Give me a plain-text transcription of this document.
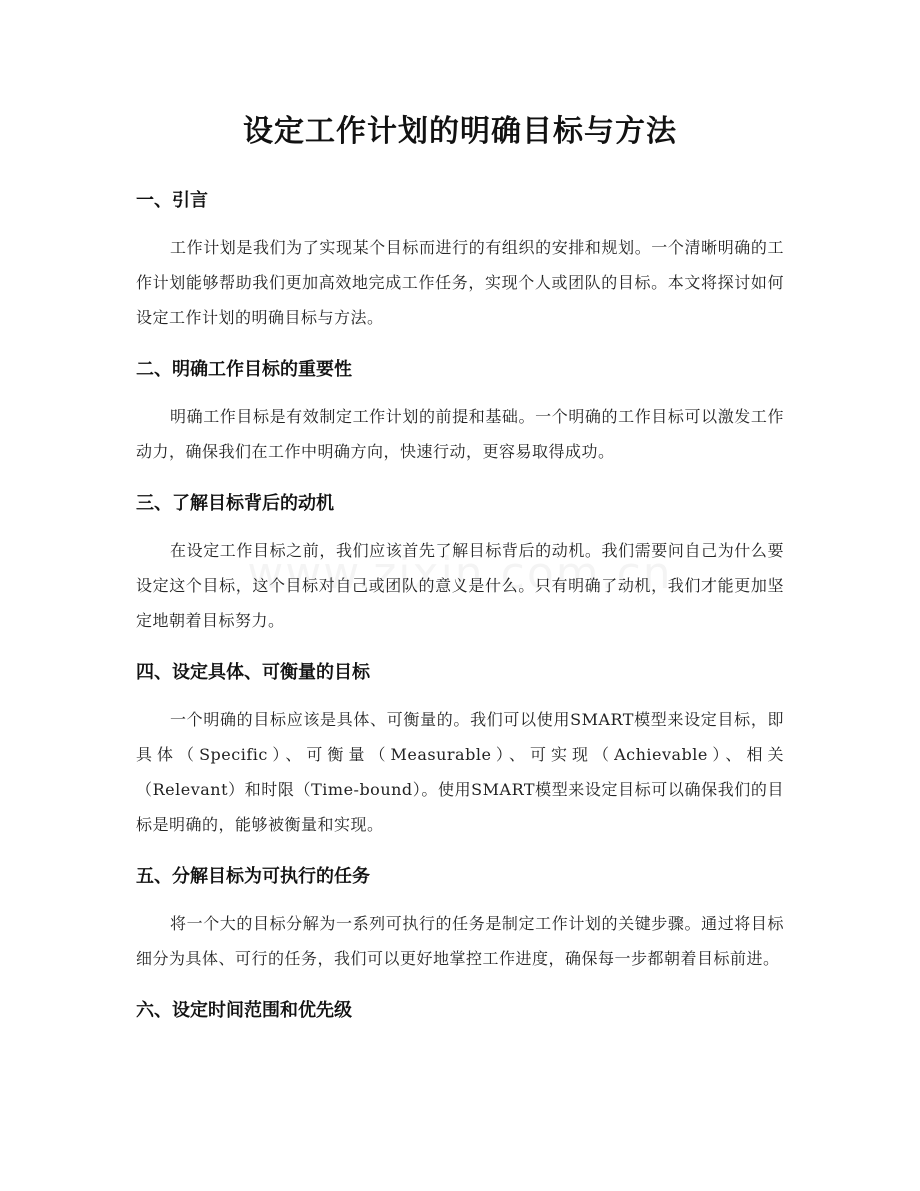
设定工作计划的明确目标与方法
一、引言

工作计划是我们为了实现某个目标而进行的有组织的安排和规划。一个清晰明确的工作计划能够帮助我们更加高效地完成工作任务，实现个人或团队的目标。本文将探讨如何设定工作计划的明确目标与方法。

二、明确工作目标的重要性

明确工作目标是有效制定工作计划的前提和基础。一个明确的工作目标可以激发工作动力，确保我们在工作中明确方向，快速行动，更容易取得成功。

三、了解目标背后的动机

在设定工作目标之前，我们应该首先了解目标背后的动机。我们需要问自己为什么要设定这个目标，这个目标对自己或团队的意义是什么。只有明确了动机，我们才能更加坚定地朝着目标努力。

四、设定具体、可衡量的目标

一个明确的目标应该是具体、可衡量的。我们可以使用SMART模型来设定目标，即具体（Specific）、可衡量（Measurable）、可实现（Achievable）、相关（Relevant）和时限（Time-bound）。使用SMART模型来设定目标可以确保我们的目标是明确的，能够被衡量和实现。

五、分解目标为可执行的任务

将一个大的目标分解为一系列可执行的任务是制定工作计划的关键步骤。通过将目标细分为具体、可行的任务，我们可以更好地掌控工作进度，确保每一步都朝着目标前进。

六、设定时间范围和优先级
